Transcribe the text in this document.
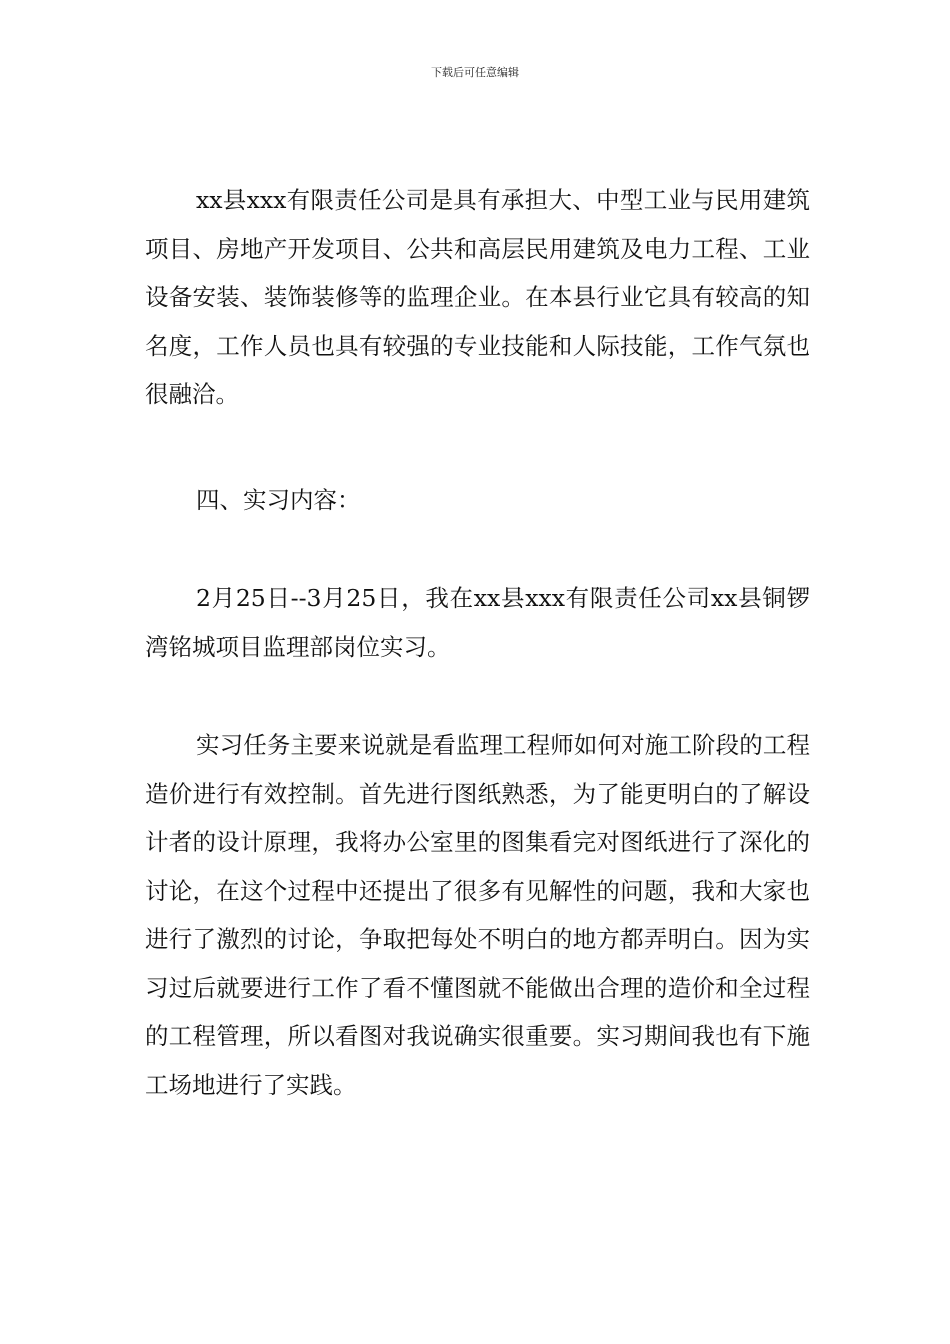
下载后可任意编辑

xx县xxx有限责任公司是具有承担大、中型工业与民用建筑项目、房地产开发项目、公共和高层民用建筑及电力工程、工业设备安装、装饰装修等的监理企业。在本县行业它具有较高的知名度，工作人员也具有较强的专业技能和人际技能，工作气氛也很融洽。

四、实习内容：

2月25日--3月25日，我在xx县xxx有限责任公司xx县铜锣湾铭城项目监理部岗位实习。

实习任务主要来说就是看监理工程师如何对施工阶段的工程造价进行有效控制。首先进行图纸熟悉，为了能更明白的了解设计者的设计原理，我将办公室里的图集看完对图纸进行了深化的讨论，在这个过程中还提出了很多有见解性的问题，我和大家也进行了激烈的讨论，争取把每处不明白的地方都弄明白。因为实习过后就要进行工作了看不懂图就不能做出合理的造价和全过程的工程管理，所以看图对我说确实很重要。实习期间我也有下施工场地进行了实践。
